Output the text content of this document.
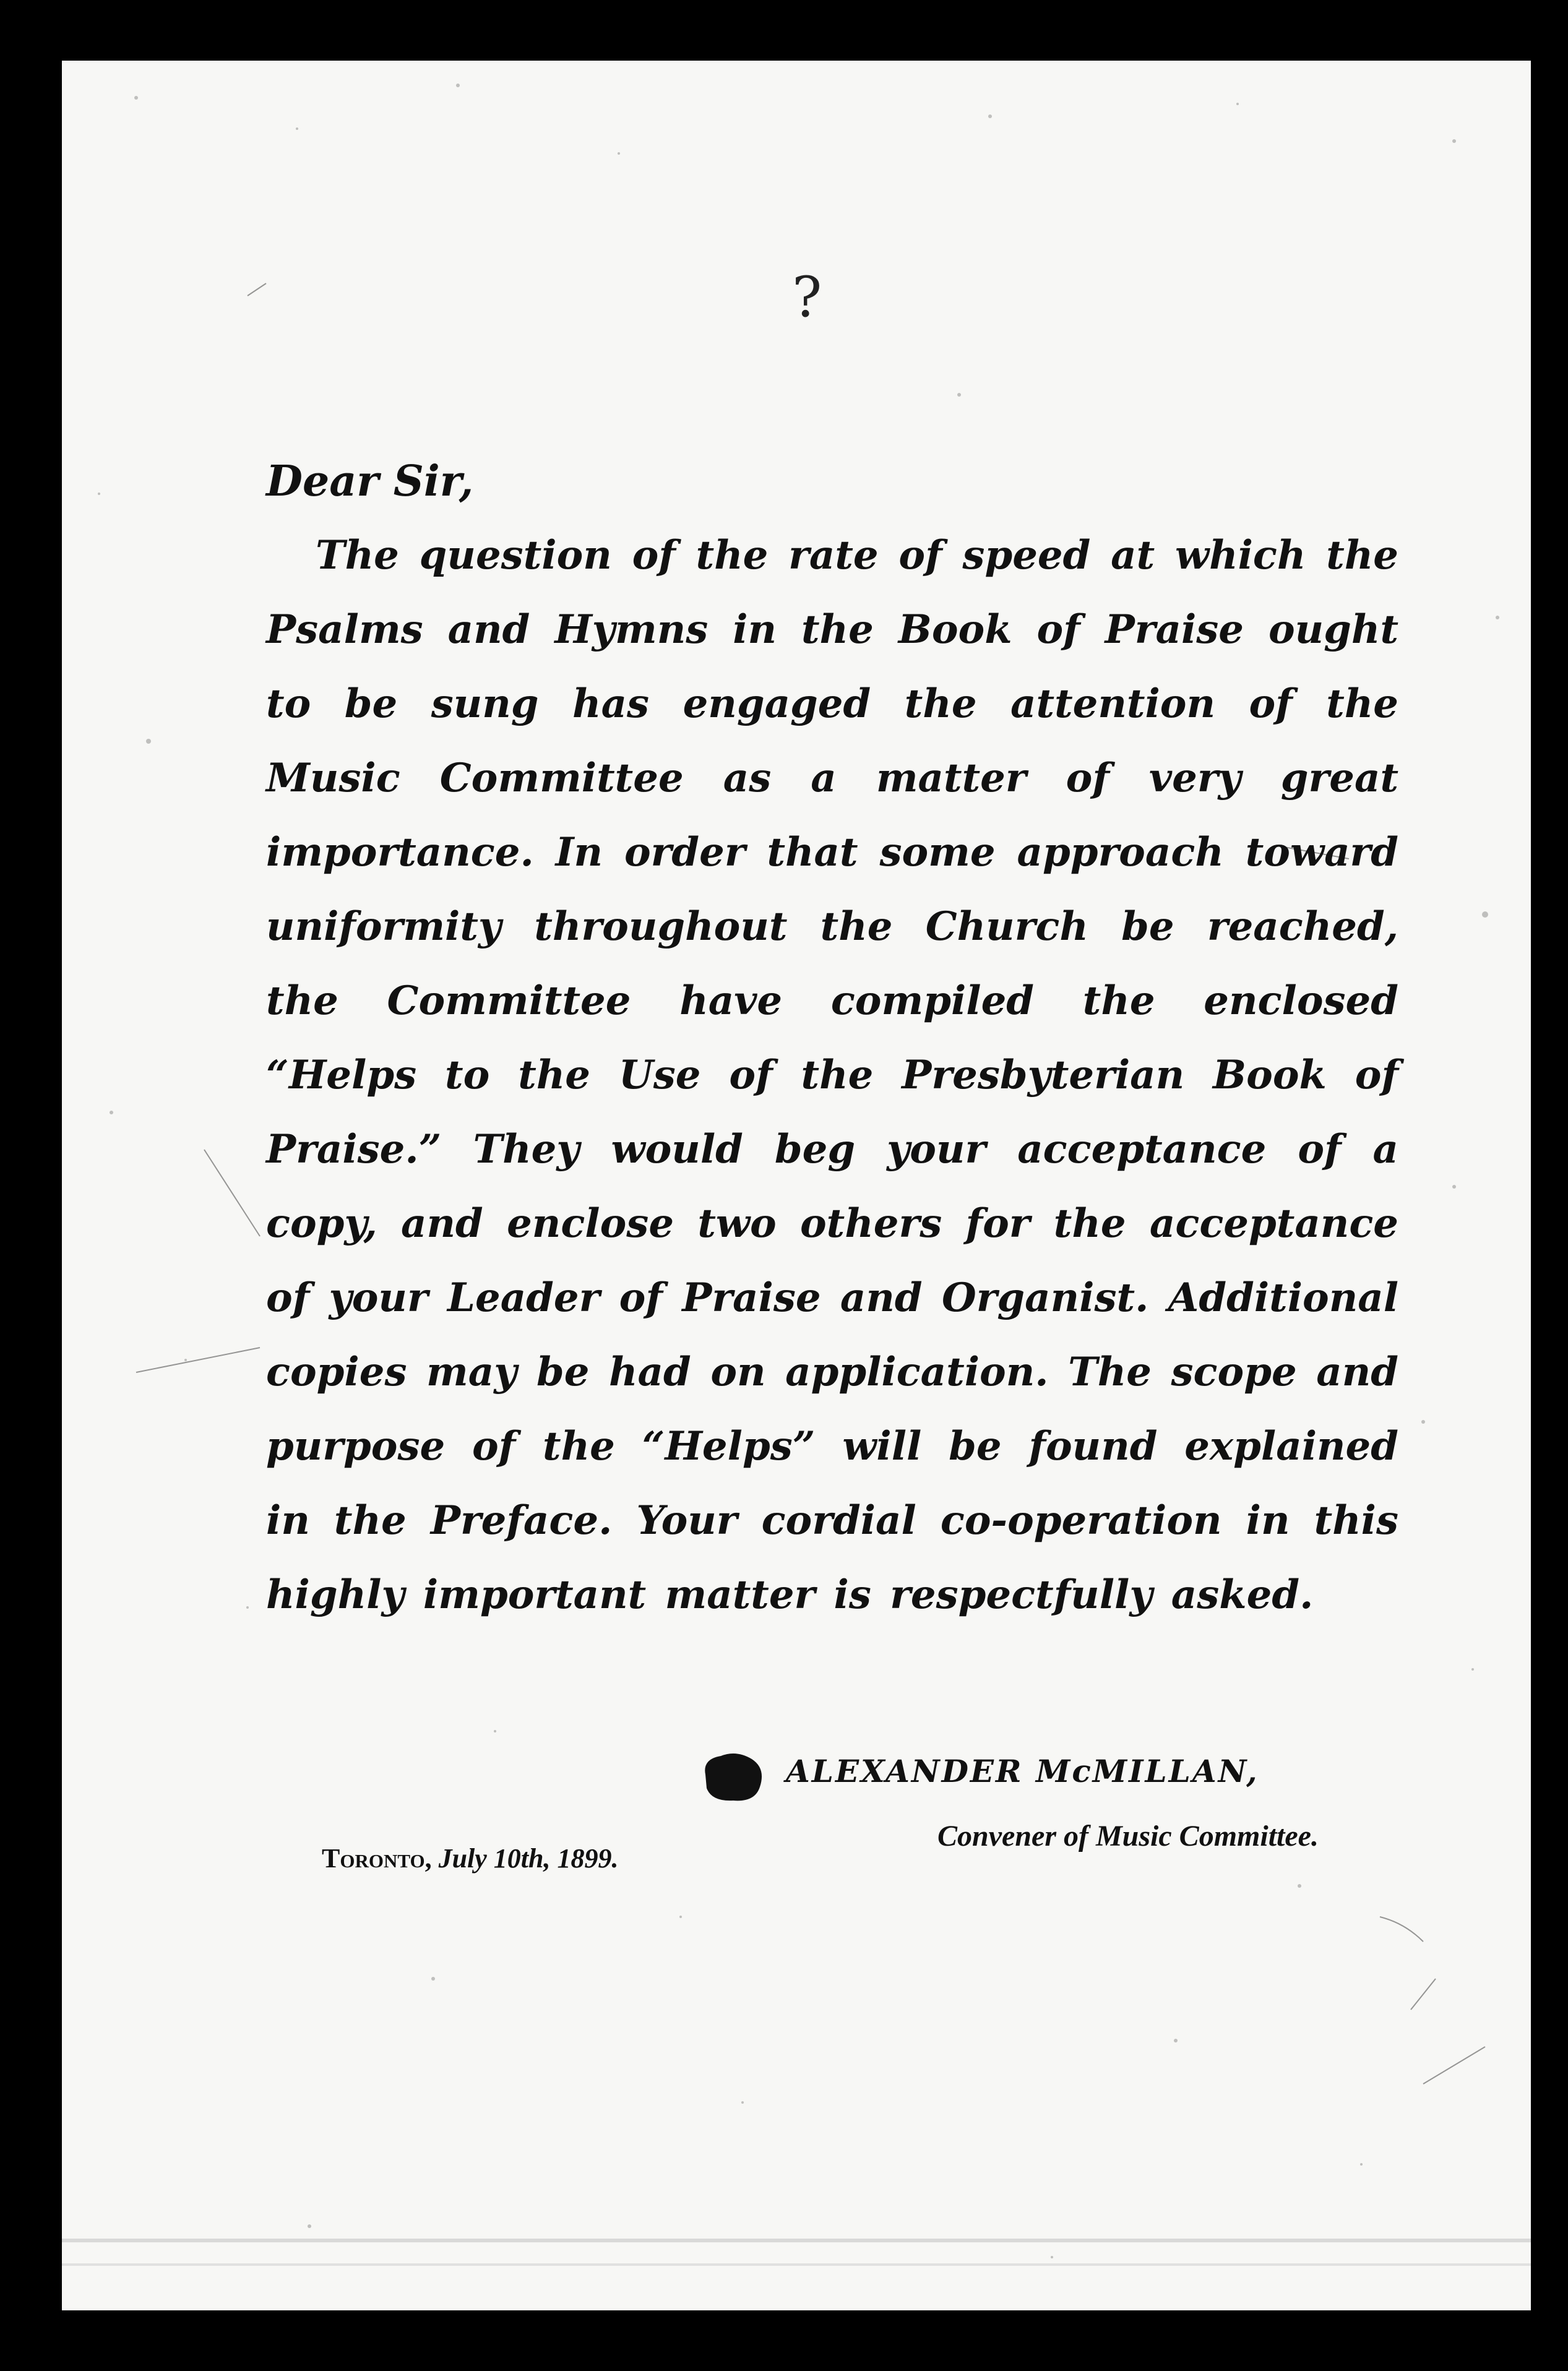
?

Dear Sir,

The question of the rate of speed at which the Psalms and Hymns in the Book of Praise ought to be sung has engaged the attention of the Music Committee as a matter of very great importance. In order that some approach toward uniformity throughout the Church be reached, the Committee have compiled the enclosed “Helps to the Use of the Presbyterian Book of Praise.” They would beg your acceptance of a copy, and enclose two others for the acceptance of your Leader of Praise and Organist. Additional copies may be had on application. The scope and purpose of the “Helps” will be found explained in the Preface. Your cordial co-operation in this highly important matter is respectfully asked.

ALEXANDER McMILLAN,
Convener of Music Committee.
Toronto, July 10th, 1899.
